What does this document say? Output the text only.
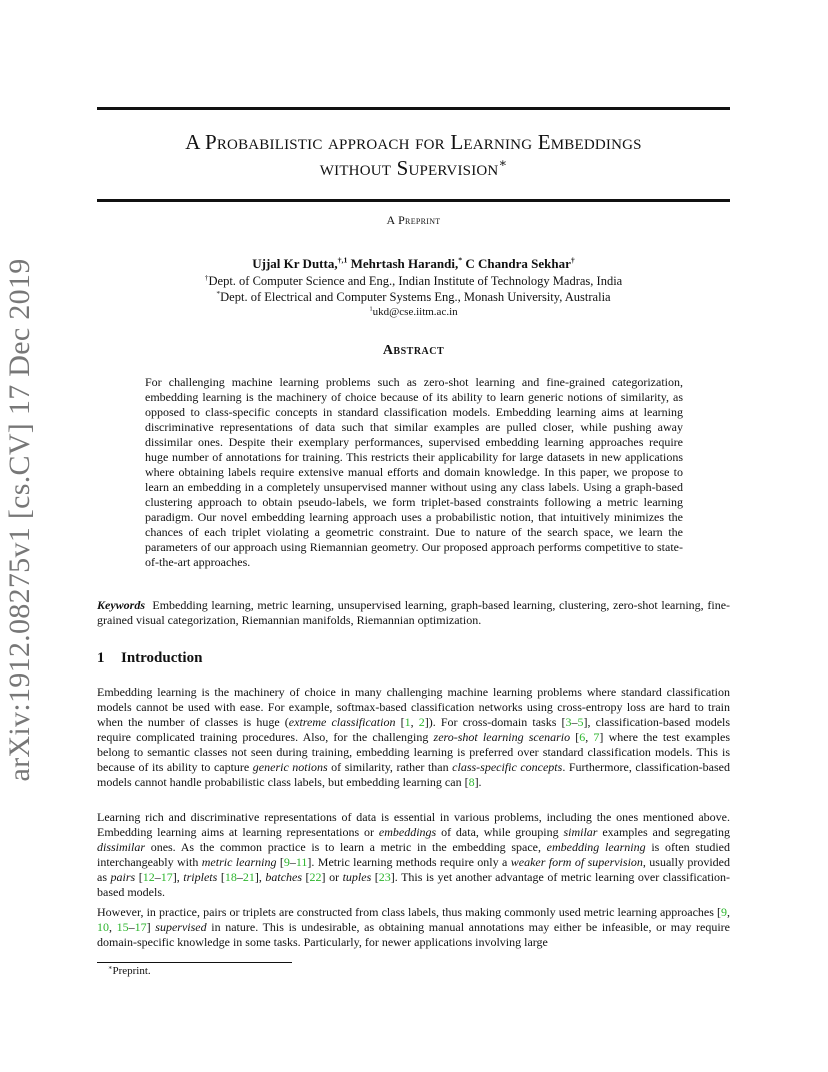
arXiv:1912.08275v1 [cs.CV] 17 Dec 2019
A Probabilistic approach for Learning Embeddings
without Supervision∗
A Preprint
Ujjal Kr Dutta,$^{\dagger,1}$ Mehrtash Harandi,* C Chandra Sekhar†
†Dept. of Computer Science and Eng., Indian Institute of Technology Madras, India
*Dept. of Electrical and Computer Systems Eng., Monash University, Australia
$^1$ukd@cse.iitm.ac.in
Abstract
For challenging machine learning problems such as zero-shot learning and fine-grained categorization, embedding learning is the machinery of choice because of its ability to learn generic notions of similarity, as opposed to class-specific concepts in standard classification models. Embedding learning aims at learning discriminative representations of data such that similar examples are pulled closer, while pushing away dissimilar ones. Despite their exemplary performances, supervised embedding learning approaches require huge number of annotations for training. This restricts their applicability for large datasets in new applications where obtaining labels require extensive manual efforts and domain knowledge. In this paper, we propose to learn an embedding in a completely unsupervised manner without using any class labels. Using a graph-based clustering approach to obtain pseudo-labels, we form triplet-based constraints following a metric learning paradigm. Our novel embedding learning approach uses a probabilistic notion, that intuitively minimizes the chances of each triplet violating a geometric constraint. Due to nature of the search space, we learn the parameters of our approach using Riemannian geometry. Our proposed approach performs competitive to state-of-the-art approaches.
Keywords Embedding learning, metric learning, unsupervised learning, graph-based learning, clustering, zero-shot learning, fine-grained visual categorization, Riemannian manifolds, Riemannian optimization.
1 Introduction

Embedding learning is the machinery of choice in many challenging machine learning problems where standard classification models cannot be used with ease. For example, softmax-based classification networks using cross-entropy loss are hard to train when the number of classes is huge (extreme classification [1, 2]). For cross-domain tasks [3–5], classification-based models require complicated training procedures. Also, for the challenging zero-shot learning scenario [6, 7] where the test examples belong to semantic classes not seen during training, embedding learning is preferred over standard classification models. This is because of its ability to capture generic notions of similarity, rather than class-specific concepts. Furthermore, classification-based models cannot handle probabilistic class labels, but embedding learning can [8].

Learning rich and discriminative representations of data is essential in various problems, including the ones mentioned above. Embedding learning aims at learning representations or embeddings of data, while grouping similar examples and segregating dissimilar ones. As the common practice is to learn a metric in the embedding space, embedding learning is often studied interchangeably with metric learning [9–11]. Metric learning methods require only a weaker form of supervision, usually provided as pairs [12–17], triplets [18–21], batches [22] or tuples [23]. This is yet another advantage of metric learning over classification-based models.

However, in practice, pairs or triplets are constructed from class labels, thus making commonly used metric learning approaches [9, 10, 15–17] supervised in nature. This is undesirable, as obtaining manual annotations may either be infeasible, or may require domain-specific knowledge in some tasks. Particularly, for newer applications involving large

∗Preprint.
